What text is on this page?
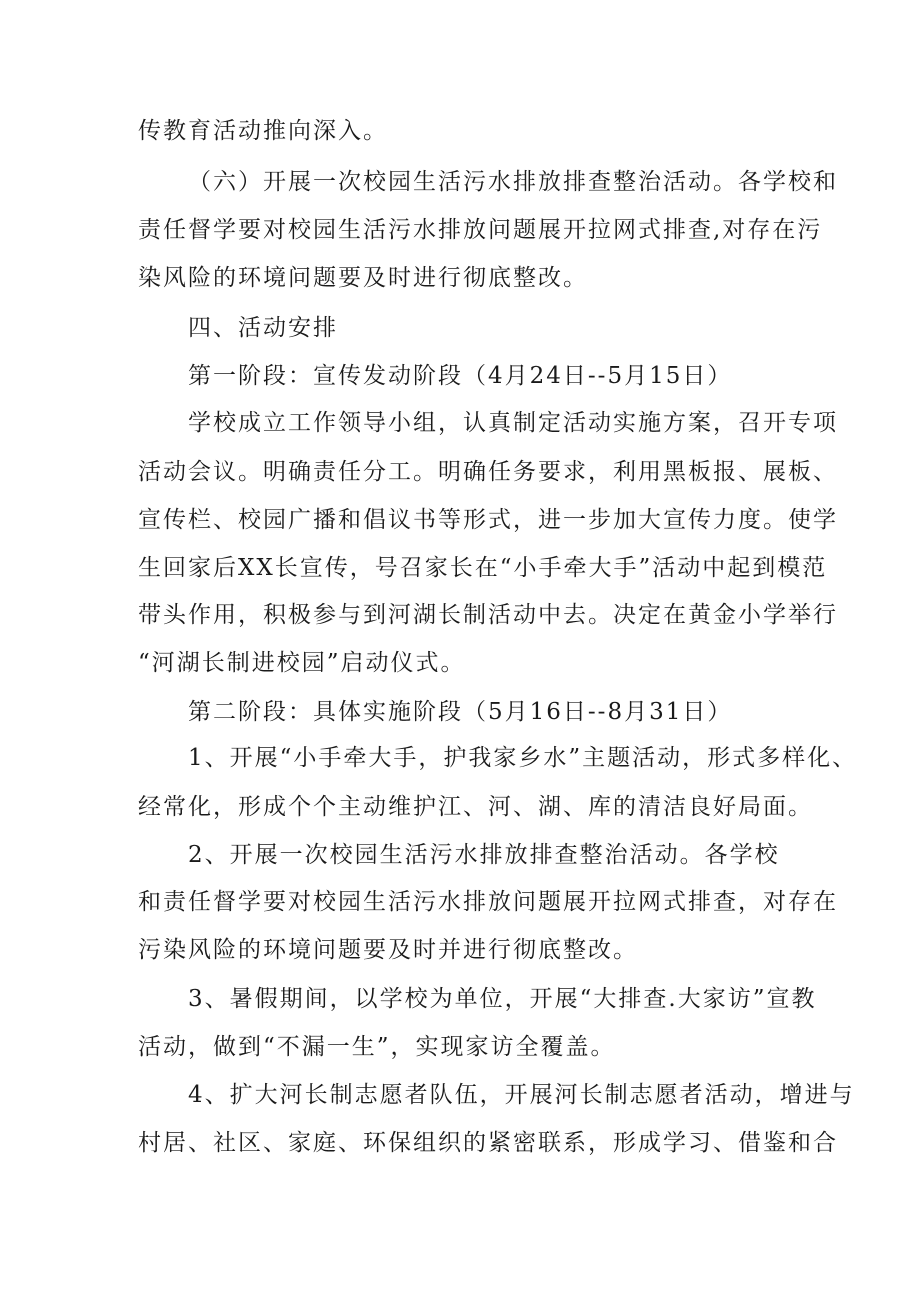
传教育活动推向深入。
（六）开展一次校园生活污水排放排查整治活动。各学校和
责任督学要对校园生活污水排放问题展开拉网式排查,对存在污
染风险的环境问题要及时进行彻底整改。
四、活动安排
第一阶段：宣传发动阶段（4月24日--5月15日）
学校成立工作领导小组，认真制定活动实施方案，召开专项
活动会议。明确责任分工。明确任务要求，利用黑板报、展板、
宣传栏、校园广播和倡议书等形式，进一步加大宣传力度。使学
生回家后XX长宣传，号召家长在“小手牵大手”活动中起到模范
带头作用，积极参与到河湖长制活动中去。决定在黄金小学举行
“河湖长制进校园”启动仪式。
第二阶段：具体实施阶段（5月16日--8月31日）
1、开展“小手牵大手，护我家乡水”主题活动，形式多样化、
经常化，形成个个主动维护江、河、湖、库的清洁良好局面。
2、开展一次校园生活污水排放排查整治活动。各学校
和责任督学要对校园生活污水排放问题展开拉网式排查，对存在
污染风险的环境问题要及时并进行彻底整改。
3、暑假期间，以学校为单位，开展“大排查.大家访”宣教
活动，做到“不漏一生”，实现家访全覆盖。
4、扩大河长制志愿者队伍，开展河长制志愿者活动，增进与
村居、社区、家庭、环保组织的紧密联系，形成学习、借鉴和合
